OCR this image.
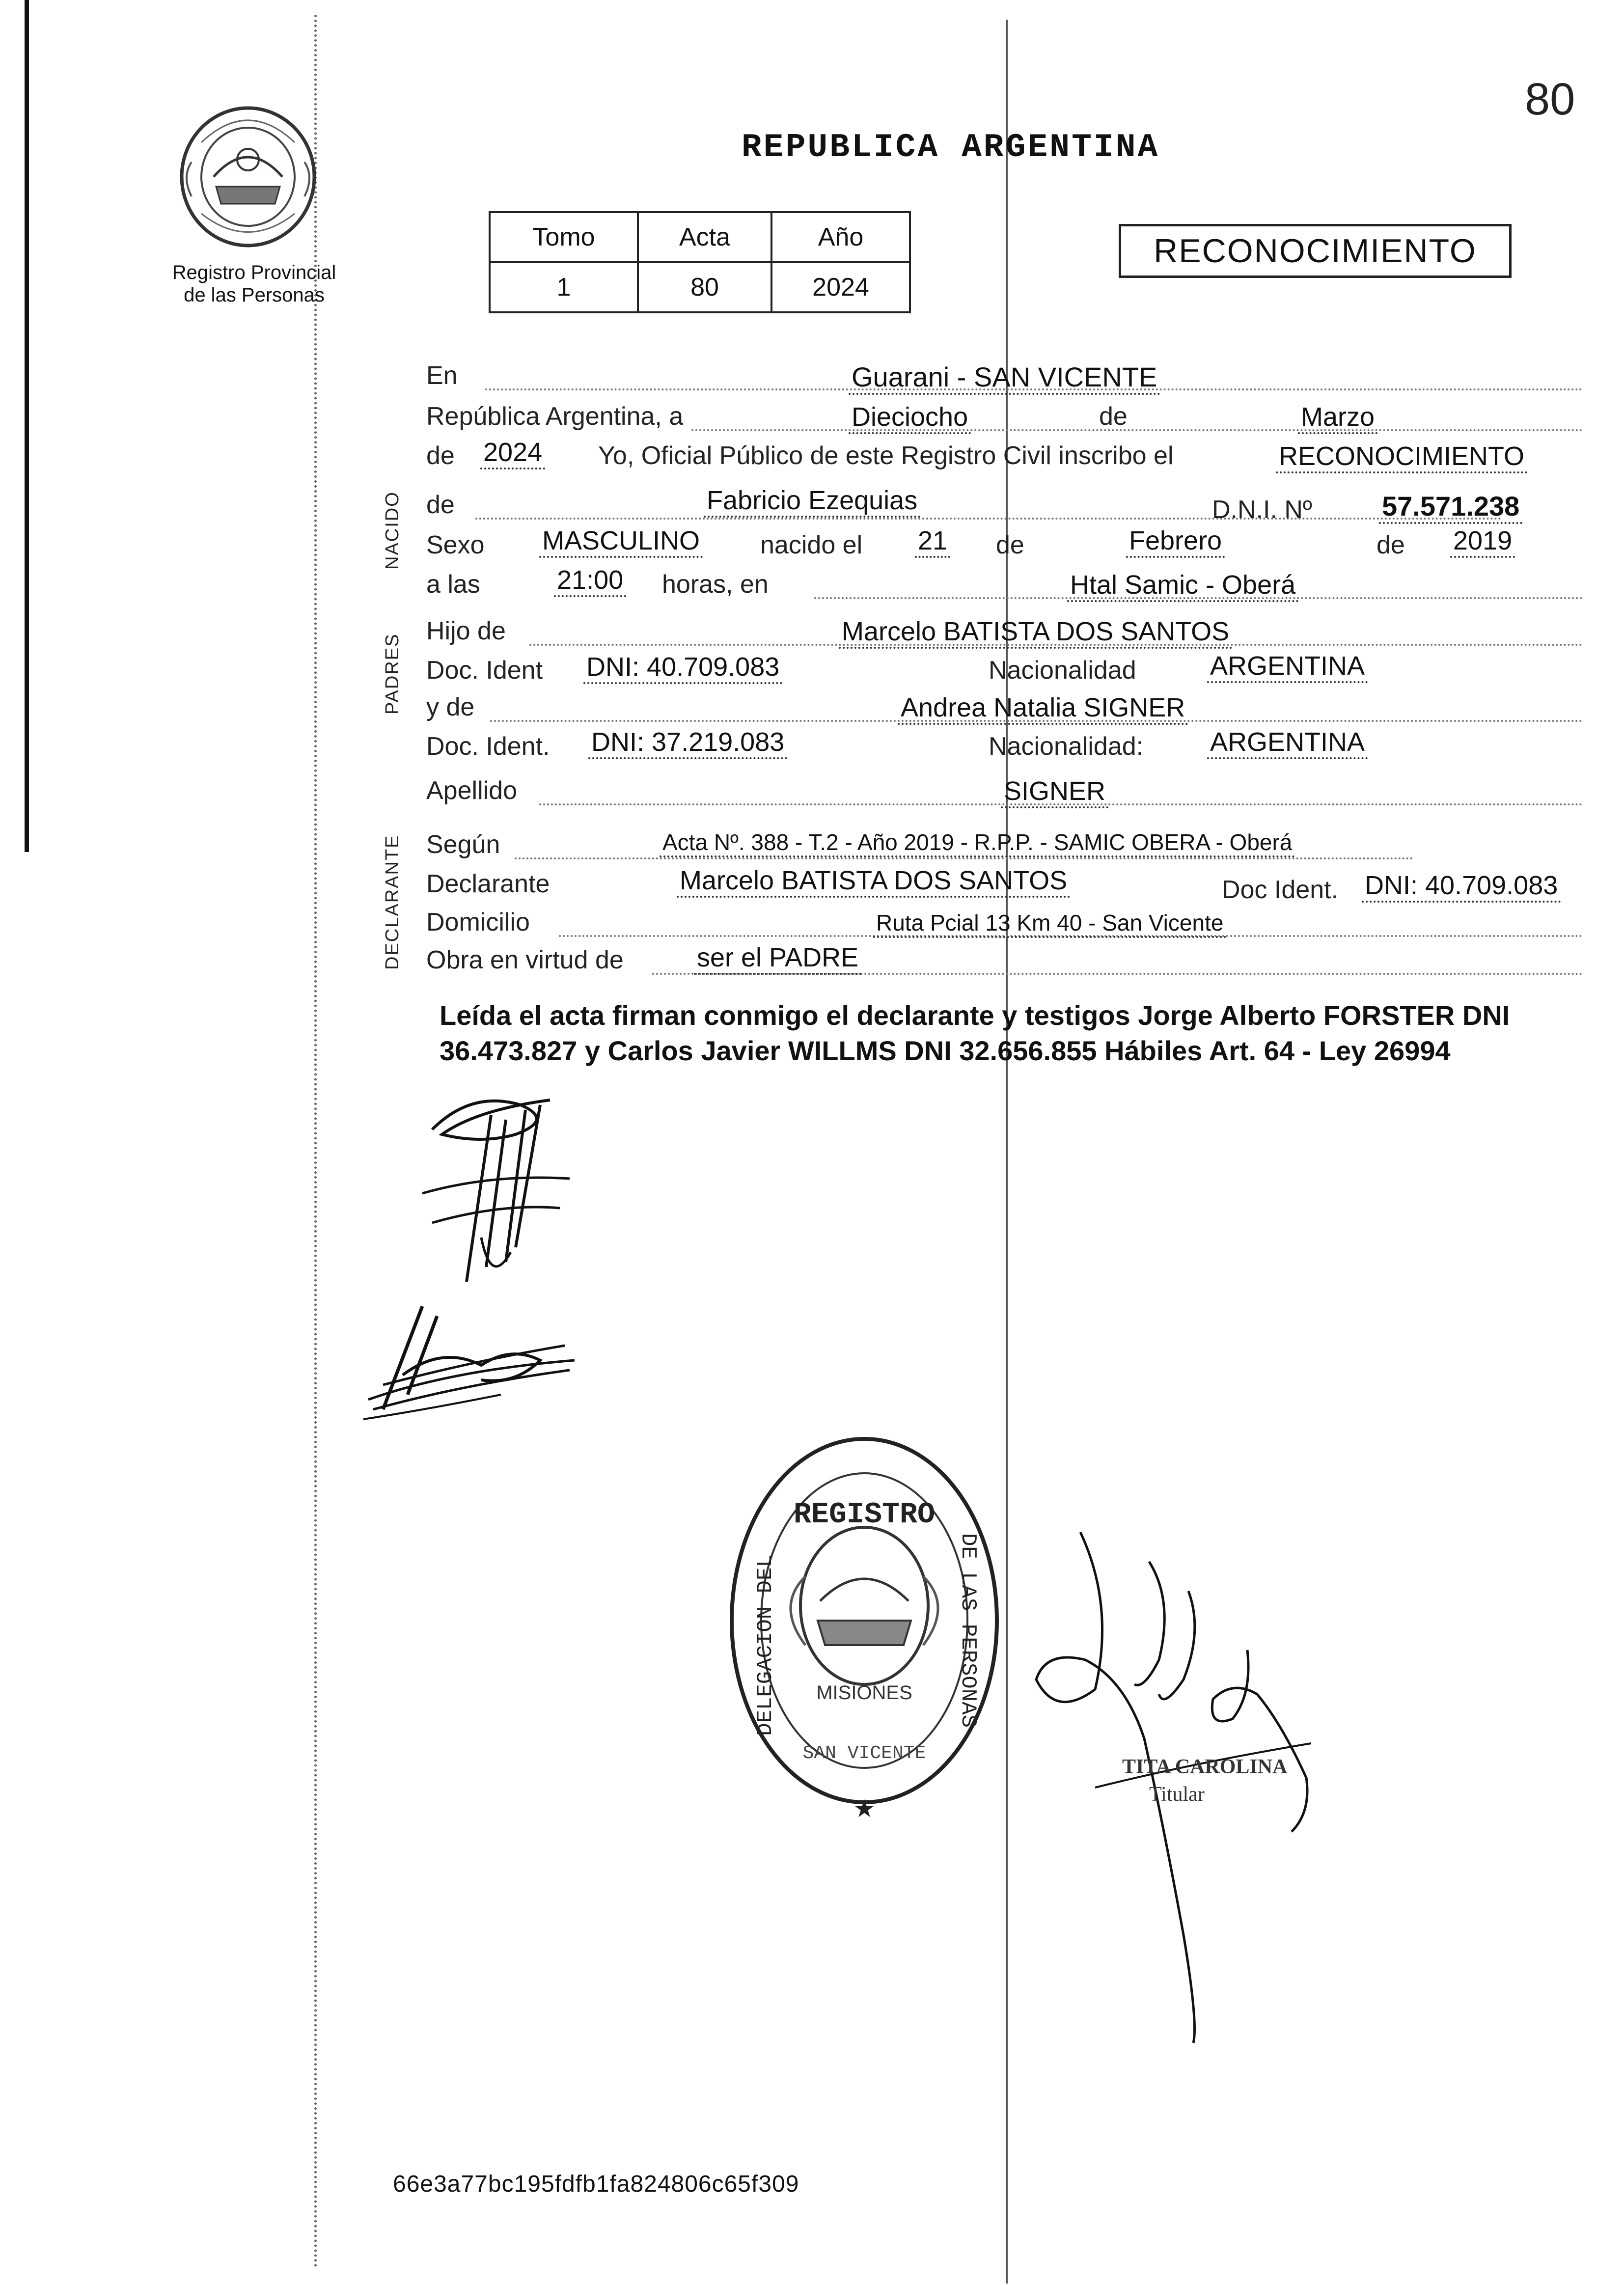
Registro Provincial
de las Personas
80
REPUBLICA ARGENTINA
Tomo	Acta	Año
1	80	2024
RECONOCIMIENTO
NACIDO
PADRES
DECLARANTE
En	Guarani - SAN VICENTE
República Argentina, a	Dieciocho	de	Marzo
de 2024 Yo, Oficial Público de este Registro Civil inscribo el	RECONOCIMIENTO
de	Fabricio Ezequias	D.N.I. Nº	57.571.238
Sexo MASCULINO nacido el 21 de	Febrero	de 2019
a las	21:00 horas, en	Htal Samic - Oberá
Hijo de	Marcelo BATISTA DOS SANTOS
Doc. Ident DNI: 40.709.083	Nacionalidad	ARGENTINA
y de	Andrea Natalia SIGNER
Doc. Ident. DNI: 37.219.083	Nacionalidad:	ARGENTINA
Apellido	SIGNER
Según	Acta Nº. 388 - T.2 - Año 2019 - R.P.P. - SAMIC OBERA - Oberá
Declarante	Marcelo BATISTA DOS SANTOS	Doc Ident. DNI: 40.709.083
Domicilio	Ruta Pcial 13 Km 40 - San Vicente
Obra en virtud de	ser el PADRE
Leída el acta firman conmigo el declarante y testigos Jorge Alberto FORSTER DNI
36.473.827 y Carlos Javier WILLMS DNI 32.656.855 Hábiles Art. 64 - Ley 26994
REGISTRO
DELEGACION DEL	DE LAS PERSONAS
MISIONES
SAN VICENTE
★
TITA CAROLINA
Titular
66e3a77bc195fdfb1fa824806c65f309
